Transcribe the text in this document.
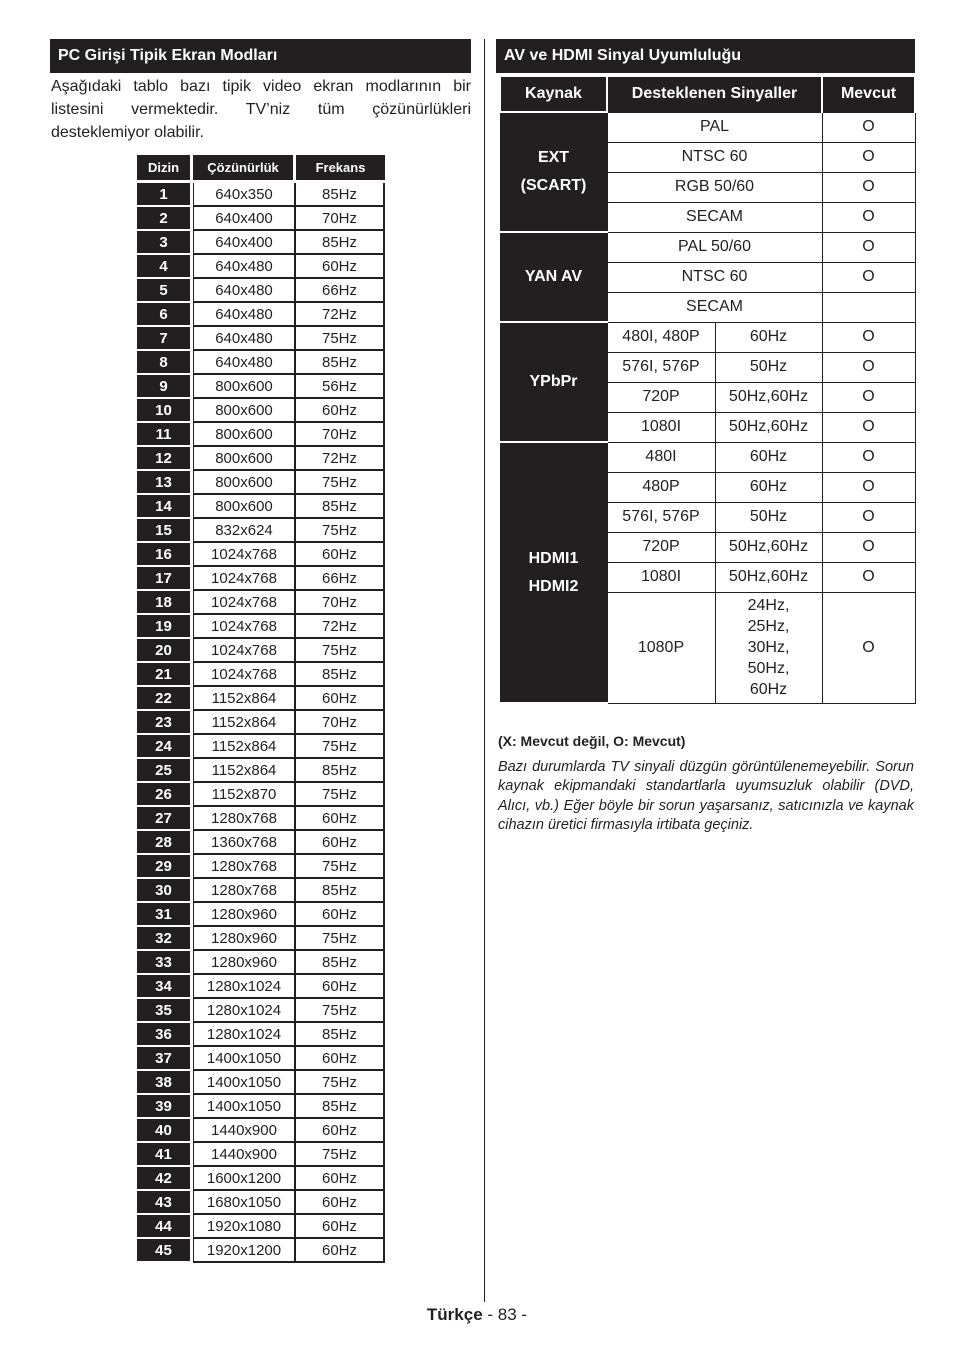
PC Girişi Tipik Ekran Modları

Aşağıdaki tablo bazı tipik video ekran modlarının bir listesini vermektedir. TV’niz tüm çözünürlükleri desteklemiyor olabilir.

Dizin	Çözünürlük	Frekans
1	640x350	85Hz
2	640x400	70Hz
3	640x400	85Hz
4	640x480	60Hz
5	640x480	66Hz
6	640x480	72Hz
7	640x480	75Hz
8	640x480	85Hz
9	800x600	56Hz
10	800x600	60Hz
11	800x600	70Hz
12	800x600	72Hz
13	800x600	75Hz
14	800x600	85Hz
15	832x624	75Hz
16	1024x768	60Hz
17	1024x768	66Hz
18	1024x768	70Hz
19	1024x768	72Hz
20	1024x768	75Hz
21	1024x768	85Hz
22	1152x864	60Hz
23	1152x864	70Hz
24	1152x864	75Hz
25	1152x864	85Hz
26	1152x870	75Hz
27	1280x768	60Hz
28	1360x768	60Hz
29	1280x768	75Hz
30	1280x768	85Hz
31	1280x960	60Hz
32	1280x960	75Hz
33	1280x960	85Hz
34	1280x1024	60Hz
35	1280x1024	75Hz
36	1280x1024	85Hz
37	1400x1050	60Hz
38	1400x1050	75Hz
39	1400x1050	85Hz
40	1440x900	60Hz
41	1440x900	75Hz
42	1600x1200	60Hz
43	1680x1050	60Hz
44	1920x1080	60Hz
45	1920x1200	60Hz
AV ve HDMI Sinyal Uyumluluğu
Kaynak	Desteklenen Sinyaller		Mevcut
EXT
(SCART)	PAL		O
	NTSC 60		O
	RGB 50/60		O
	SECAM		O
YAN AV	PAL 50/60		O
	NTSC 60		O
	SECAM		
YPbPr	480I, 480P	60Hz	O
	576I, 576P	50Hz	O
	720P	50Hz,60Hz	O
	1080I	50Hz,60Hz	O
HDMI1
HDMI2	480I	60Hz	O
	480P	60Hz	O
	576I, 576P	50Hz	O
	720P	50Hz,60Hz	O
	1080I	50Hz,60Hz	O
	1080P	24Hz,
25Hz,
30Hz,
50Hz,
60Hz	O
(X: Mevcut değil, O: Mevcut)

Bazı durumlarda TV sinyali düzgün görüntülenemeyebilir. Sorun kaynak ekipmandaki standartlarla uyumsuzluk olabilir (DVD, Alıcı, vb.) Eğer böyle bir sorun yaşarsanız, satıcınızla ve kaynak cihazın üretici firmasıyla irtibata geçiniz.

Türkçe - 83 -
